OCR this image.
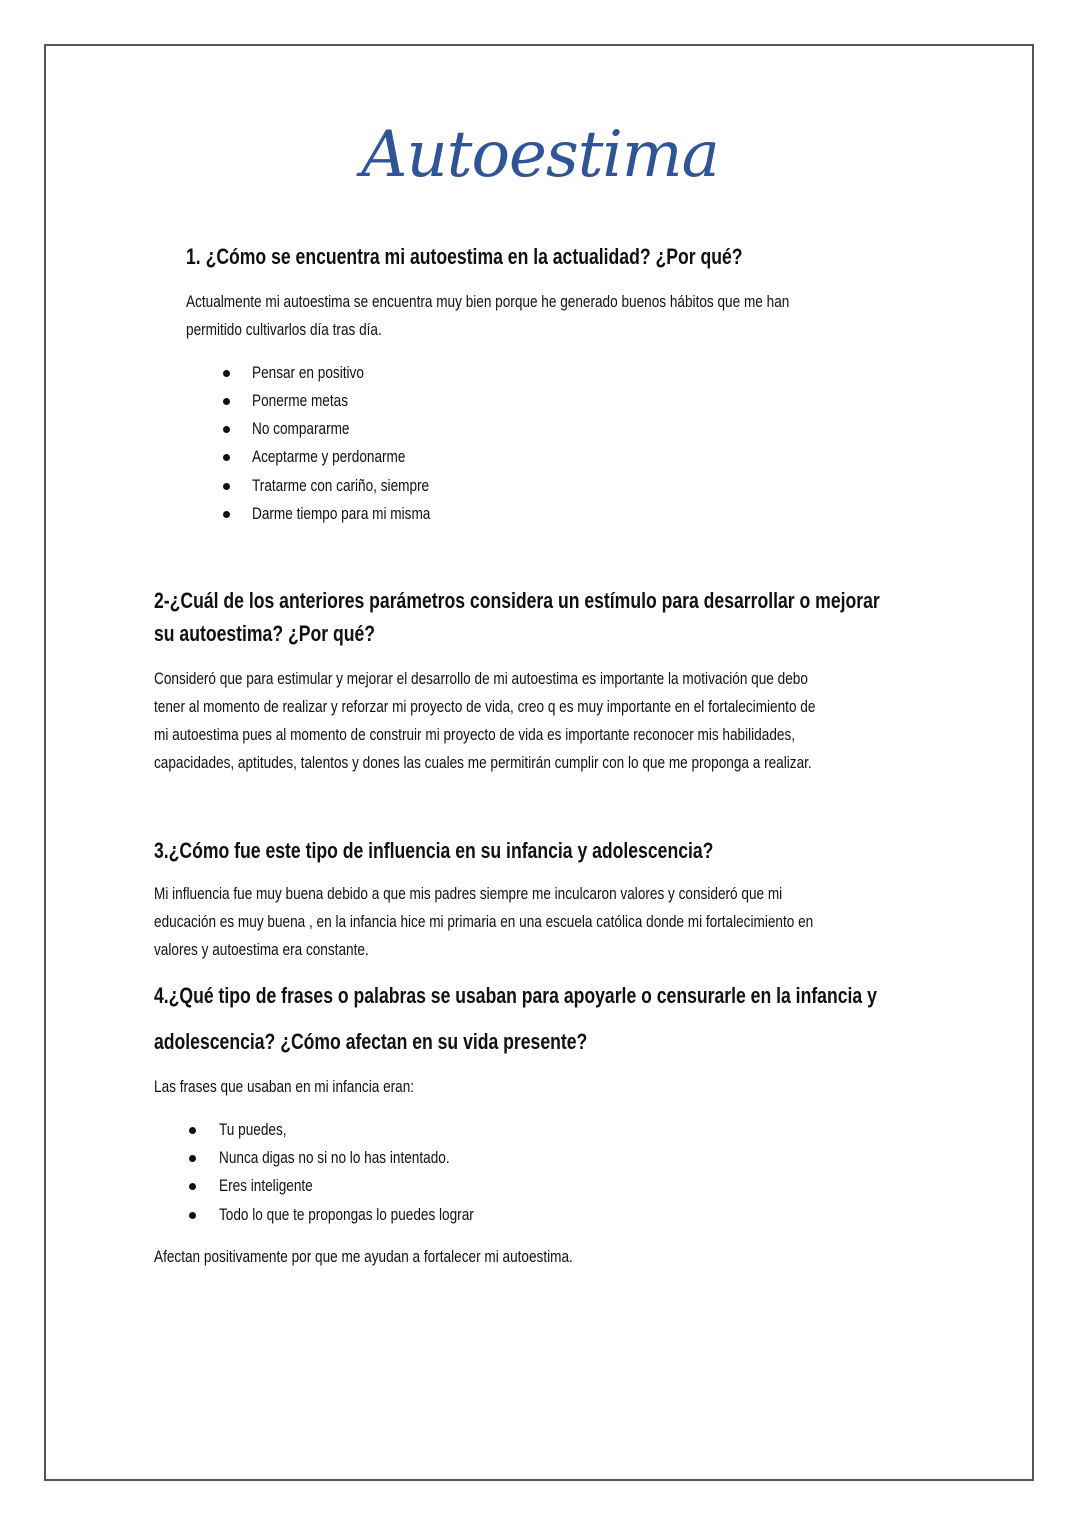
Autoestima
1. ¿Cómo se encuentra mi autoestima en la actualidad? ¿Por qué?
Actualmente mi autoestima se encuentra muy bien porque he generado buenos hábitos que me han
permitido cultivarlos día tras día.
Pensar en positivo
Ponerme metas
No compararme
Aceptarme y perdonarme
Tratarme con cariño, siempre
Darme tiempo para mi misma
2-¿Cuál de los anteriores parámetros considera un estímulo para desarrollar o mejorar
su autoestima? ¿Por qué?
Consideró que para estimular y mejorar el desarrollo de mi autoestima es importante la motivación que debo
tener al momento de realizar y reforzar mi proyecto de vida, creo q es muy importante en el fortalecimiento de
mi autoestima pues al momento de construir mi proyecto de vida es importante reconocer mis habilidades,
capacidades, aptitudes, talentos y dones las cuales me permitirán cumplir con lo que me proponga a realizar.
3.¿Cómo fue este tipo de influencia en su infancia y adolescencia?
Mi influencia fue muy buena debido a que mis padres siempre me inculcaron valores y consideró que mi
educación es muy buena , en la infancia hice mi primaria en una escuela católica donde mi fortalecimiento en
valores y autoestima era constante.
4.¿Qué tipo de frases o palabras se usaban para apoyarle o censurarle en la infancia y
adolescencia? ¿Cómo afectan en su vida presente?
Las frases que usaban en mi infancia eran:
Tu puedes,
Nunca digas no si no lo has intentado.
Eres inteligente
Todo lo que te propongas lo puedes lograr
Afectan positivamente por que me ayudan a fortalecer mi autoestima.
